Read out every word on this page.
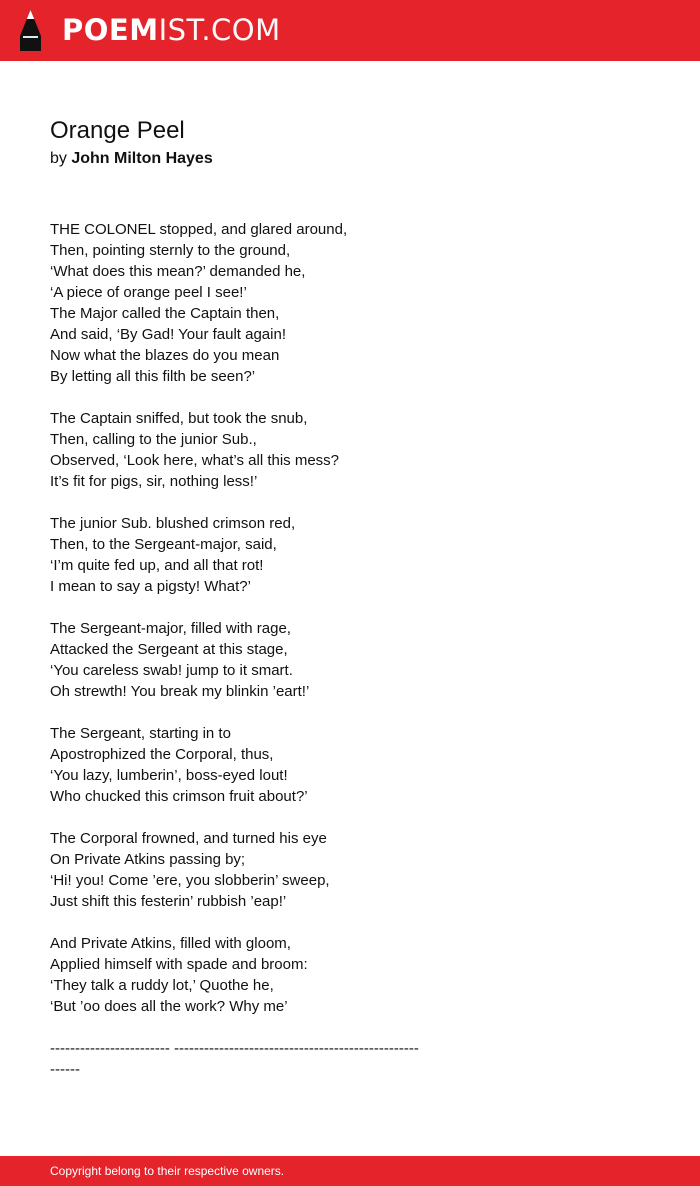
POEMIST.COM
Orange Peel
by John Milton Hayes
THE COLONEL stopped, and glared around,
Then, pointing sternly to the ground,
‘What does this mean?’ demanded he,
‘A piece of orange peel I see!’
The Major called the Captain then,
And said, ‘By Gad! Your fault again!
Now what the blazes do you mean
By letting all this filth be seen?’
The Captain sniffed, but took the snub,
Then, calling to the junior Sub.,
Observed, ‘Look here, what’s all this mess?
It’s fit for pigs, sir, nothing less!’
The junior Sub. blushed crimson red,
Then, to the Sergeant-major, said,
‘I’m quite fed up, and all that rot!
I mean to say a pigsty! What?’
The Sergeant-major, filled with rage,
Attacked the Sergeant at this stage,
‘You careless swab! jump to it smart.
Oh strewth! You break my blinkin ’eart!’
The Sergeant, starting in to
Apostrophized the Corporal, thus,
‘You lazy, lumberin’, boss-eyed lout!
Who chucked this crimson fruit about?’
The Corporal frowned, and turned his eye
On Private Atkins passing by;
‘Hi! you! Come ’ere, you slobberin’ sweep,
Just shift this festerin’ rubbish ’eap!’
And Private Atkins, filled with gloom,
Applied himself with spade and broom:
‘They talk a ruddy lot,’ Quothe he,
‘But ’oo does all the work? Why me’
------------------------ -------------------------------------------------
------
Copyright belong to their respective owners.
